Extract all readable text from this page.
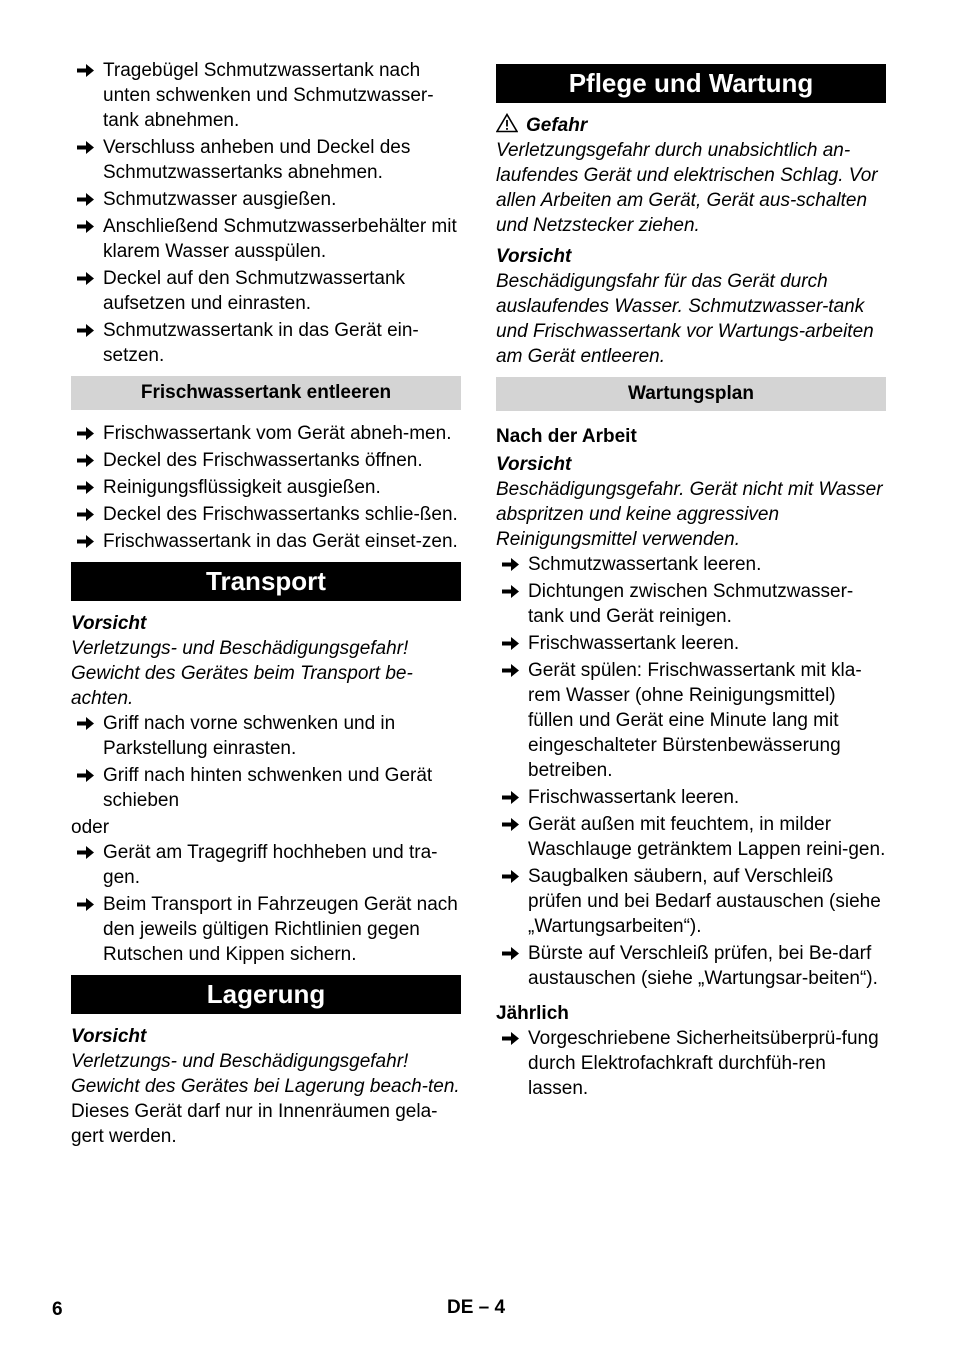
Tragebügel Schmutzwassertank nach unten schwenken und Schmutzwasser-tank abnehmen.
Verschluss anheben und Deckel des Schmutzwassertanks abnehmen.
Schmutzwasser ausgießen.
Anschließend Schmutzwasserbehälter mit klarem Wasser ausspülen.
Deckel auf den Schmutzwassertank aufsetzen und einrasten.
Schmutzwassertank in das Gerät ein-setzen.
Frischwassertank entleeren
Frischwassertank vom Gerät abneh-men.
Deckel des Frischwassertanks öffnen.
Reinigungsflüssigkeit ausgießen.
Deckel des Frischwassertanks schlie-ßen.
Frischwassertank in das Gerät einset-zen.
Transport

Vorsicht

Verletzungs- und Beschädigungsgefahr! Gewicht des Gerätes beim Transport be-achten.

Griff nach vorne schwenken und in Parkstellung einrasten.
Griff nach hinten schwenken und Gerät schieben

oder

Gerät am Tragegriff hochheben und tra-gen.
Beim Transport in Fahrzeugen Gerät nach den jeweils gültigen Richtlinien gegen Rutschen und Kippen sichern.
Lagerung

Vorsicht

Verletzungs- und Beschädigungsgefahr! Gewicht des Gerätes bei Lagerung beach-ten.

Dieses Gerät darf nur in Innenräumen gela-gert werden.

Pflege und Wartung

Gefahr

Verletzungsgefahr durch unabsichtlich an-laufendes Gerät und elektrischen Schlag. Vor allen Arbeiten am Gerät, Gerät aus-schalten und Netzstecker ziehen.

Vorsicht

Beschädigungsfahr für das Gerät durch auslaufendes Wasser. Schmutzwasser-tank und Frischwassertank vor Wartungs-arbeiten am Gerät entleeren.

Wartungsplan

Nach der Arbeit

Vorsicht

Beschädigungsgefahr. Gerät nicht mit Wasser abspritzen und keine aggressiven Reinigungsmittel verwenden.

Schmutzwassertank leeren.
Dichtungen zwischen Schmutzwasser-tank und Gerät reinigen.
Frischwassertank leeren.
Gerät spülen: Frischwassertank mit kla-rem Wasser (ohne Reinigungsmittel) füllen und Gerät eine Minute lang mit eingeschalteter Bürstenbewässerung betreiben.
Frischwassertank leeren.
Gerät außen mit feuchtem, in milder Waschlauge getränktem Lappen reini-gen.
Saugbalken säubern, auf Verschleiß prüfen und bei Bedarf austauschen (siehe „Wartungsarbeiten“).
Bürste auf Verschleiß prüfen, bei Be-darf austauschen (siehe „Wartungsar-beiten“).

Jährlich

Vorgeschriebene Sicherheitsüberprü-fung durch Elektrofachkraft durchfüh-ren lassen.
6	DE – 4
